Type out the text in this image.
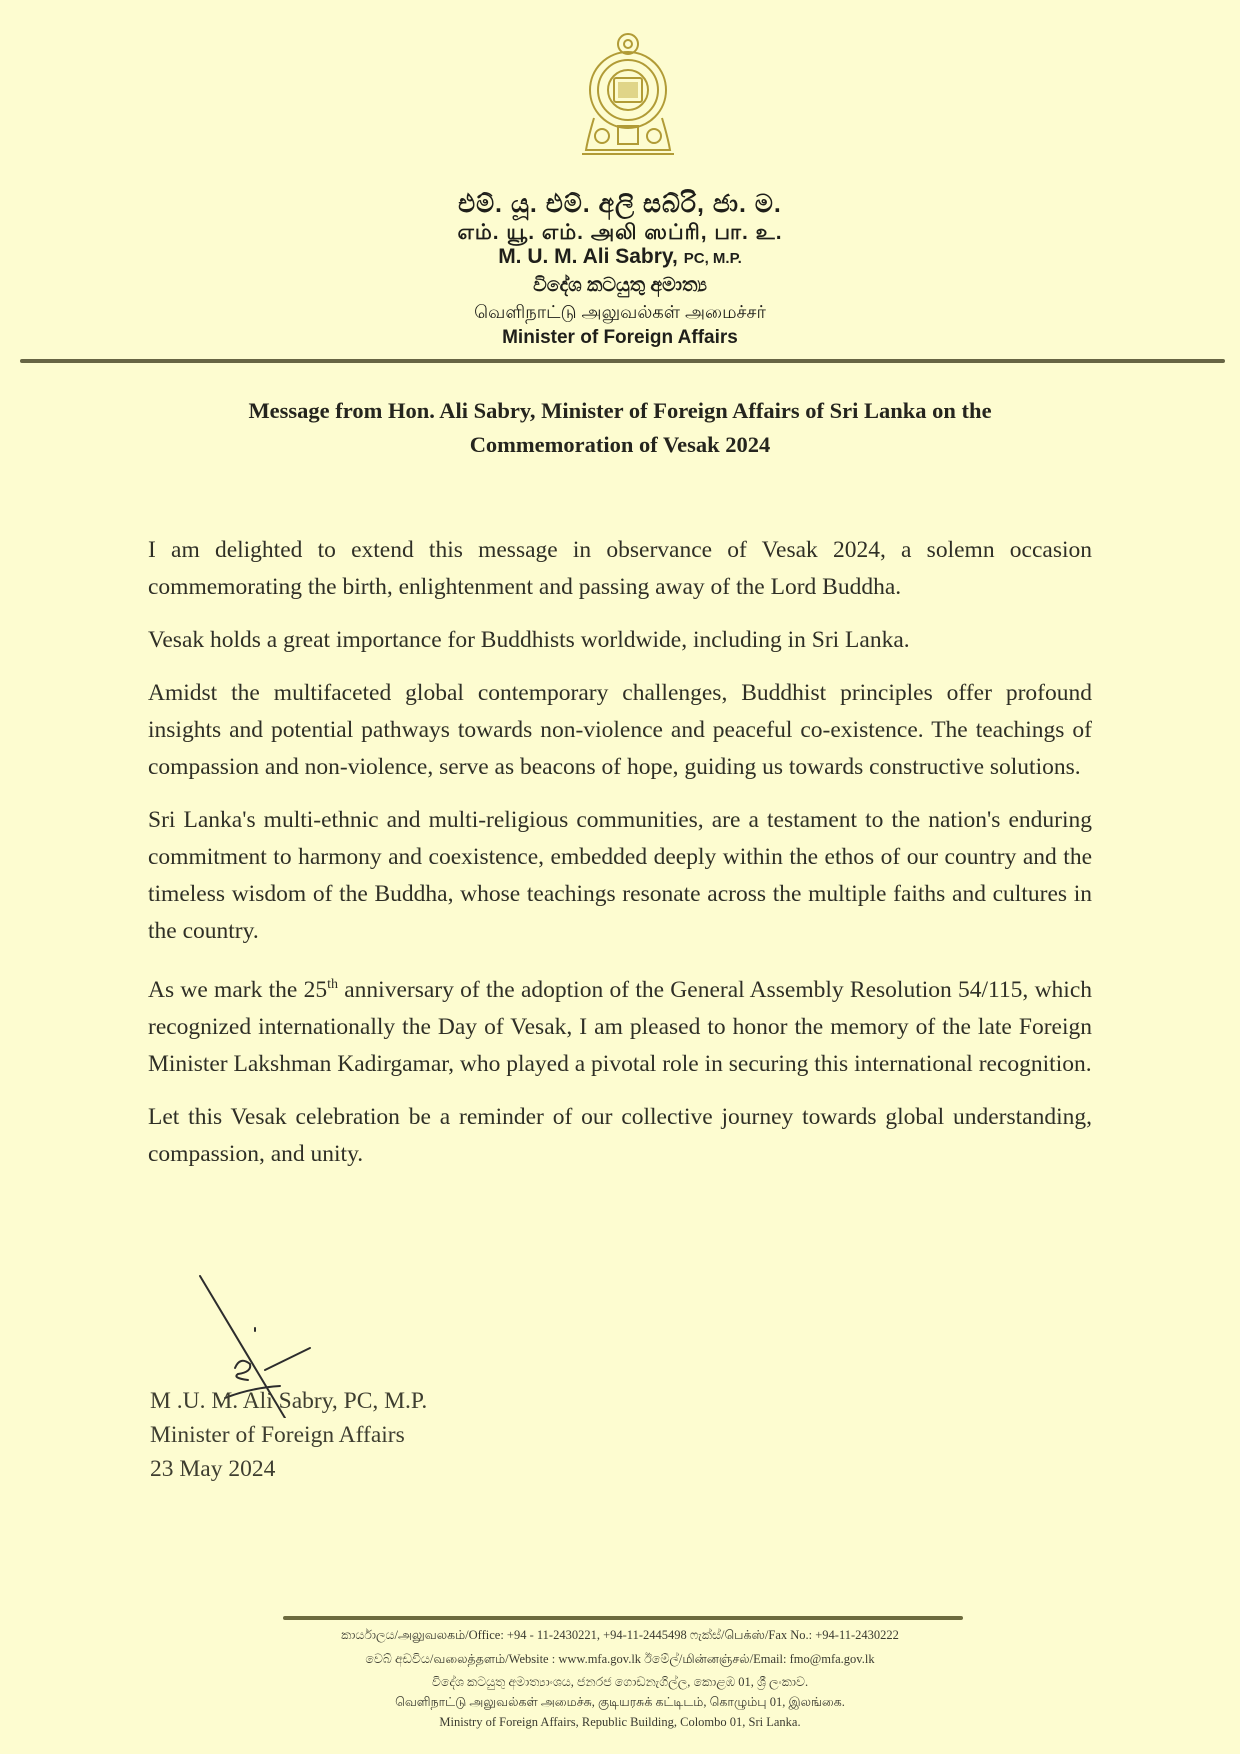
එම්. යූ. එම්. අලි සබ්රි, ජා. ම.
எம். யூ. எம். அலி ஸப்ரி, பா. உ.
M. U. M. Ali Sabry, PC, M.P.
විදේශ කටයුතු අමාත්‍ය
வெளிநாட்டு அலுவல்கள் அமைச்சர்
Minister of Foreign Affairs
Message from Hon. Ali Sabry, Minister of Foreign Affairs of Sri Lanka on the
Commemoration of Vesak 2024

I am delighted to extend this message in observance of Vesak 2024, a solemn occasion commemorating the birth, enlightenment and passing away of the Lord Buddha.

Vesak holds a great importance for Buddhists worldwide, including in Sri Lanka.

Amidst the multifaceted global contemporary challenges, Buddhist principles offer profound insights and potential pathways towards non-violence and peaceful co-existence. The teachings of compassion and non-violence, serve as beacons of hope, guiding us towards constructive solutions.

Sri Lanka's multi-ethnic and multi-religious communities, are a testament to the nation's enduring commitment to harmony and coexistence, embedded deeply within the ethos of our country and the timeless wisdom of the Buddha, whose teachings resonate across the multiple faiths and cultures in the country.

As we mark the 25th anniversary of the adoption of the General Assembly Resolution 54/115, which recognized internationally the Day of Vesak, I am pleased to honor the memory of the late Foreign Minister Lakshman Kadirgamar, who played a pivotal role in securing this international recognition.

Let this Vesak celebration be a reminder of our collective journey towards global understanding, compassion, and unity.

M .U. M. Ali Sabry, PC, M.P.
Minister of Foreign Affairs
23 May 2024
කාර්යාලය/அலுவலகம்/Office: +94 - 11-2430221, +94-11-2445498 ෆැක්ස්/பெக்ஸ்/Fax No.: +94-11-2430222
වෙබ් අඩවිය/வலைத்தளம்/Website : www.mfa.gov.lk ඊමේල්/மின்னஞ்சல்/Email: fmo@mfa.gov.lk
විදේශ කටයුතු අමාත්‍යාංශය, ජනරජ ගොඩනැගිල්ල, කොළඹ 01, ශ්‍රී ලංකාව.
வெளிநாட்டு அலுவல்கள் அமைச்சு, குடியரசுக் கட்டிடம், கொழும்பு 01, இலங்கை.
Ministry of Foreign Affairs, Republic Building, Colombo 01, Sri Lanka.
